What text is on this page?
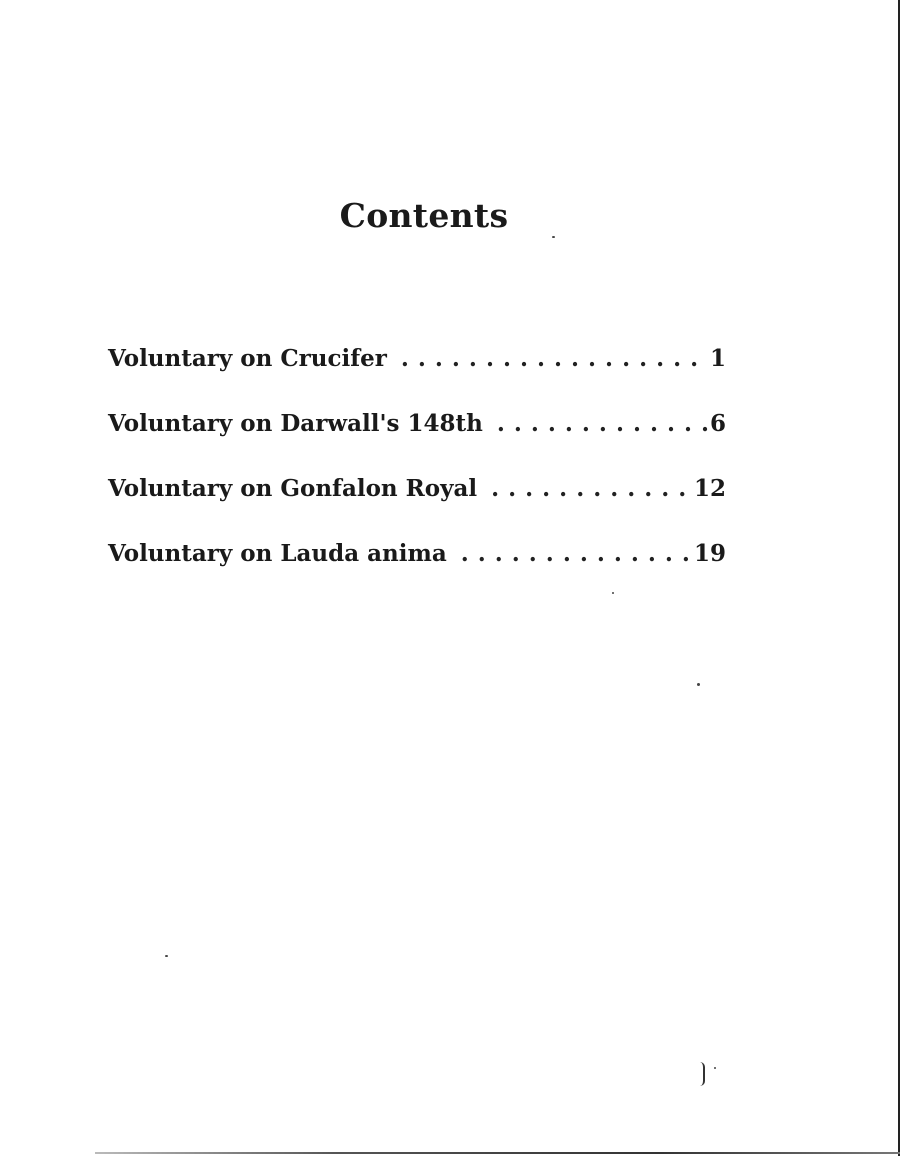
Contents
Voluntary on Crucifer . . .	1
Voluntary on Darwall's 148th . . .	6
Voluntary on Gonfalon Royal . . .	12
Voluntary on Lauda anima . . .	19
